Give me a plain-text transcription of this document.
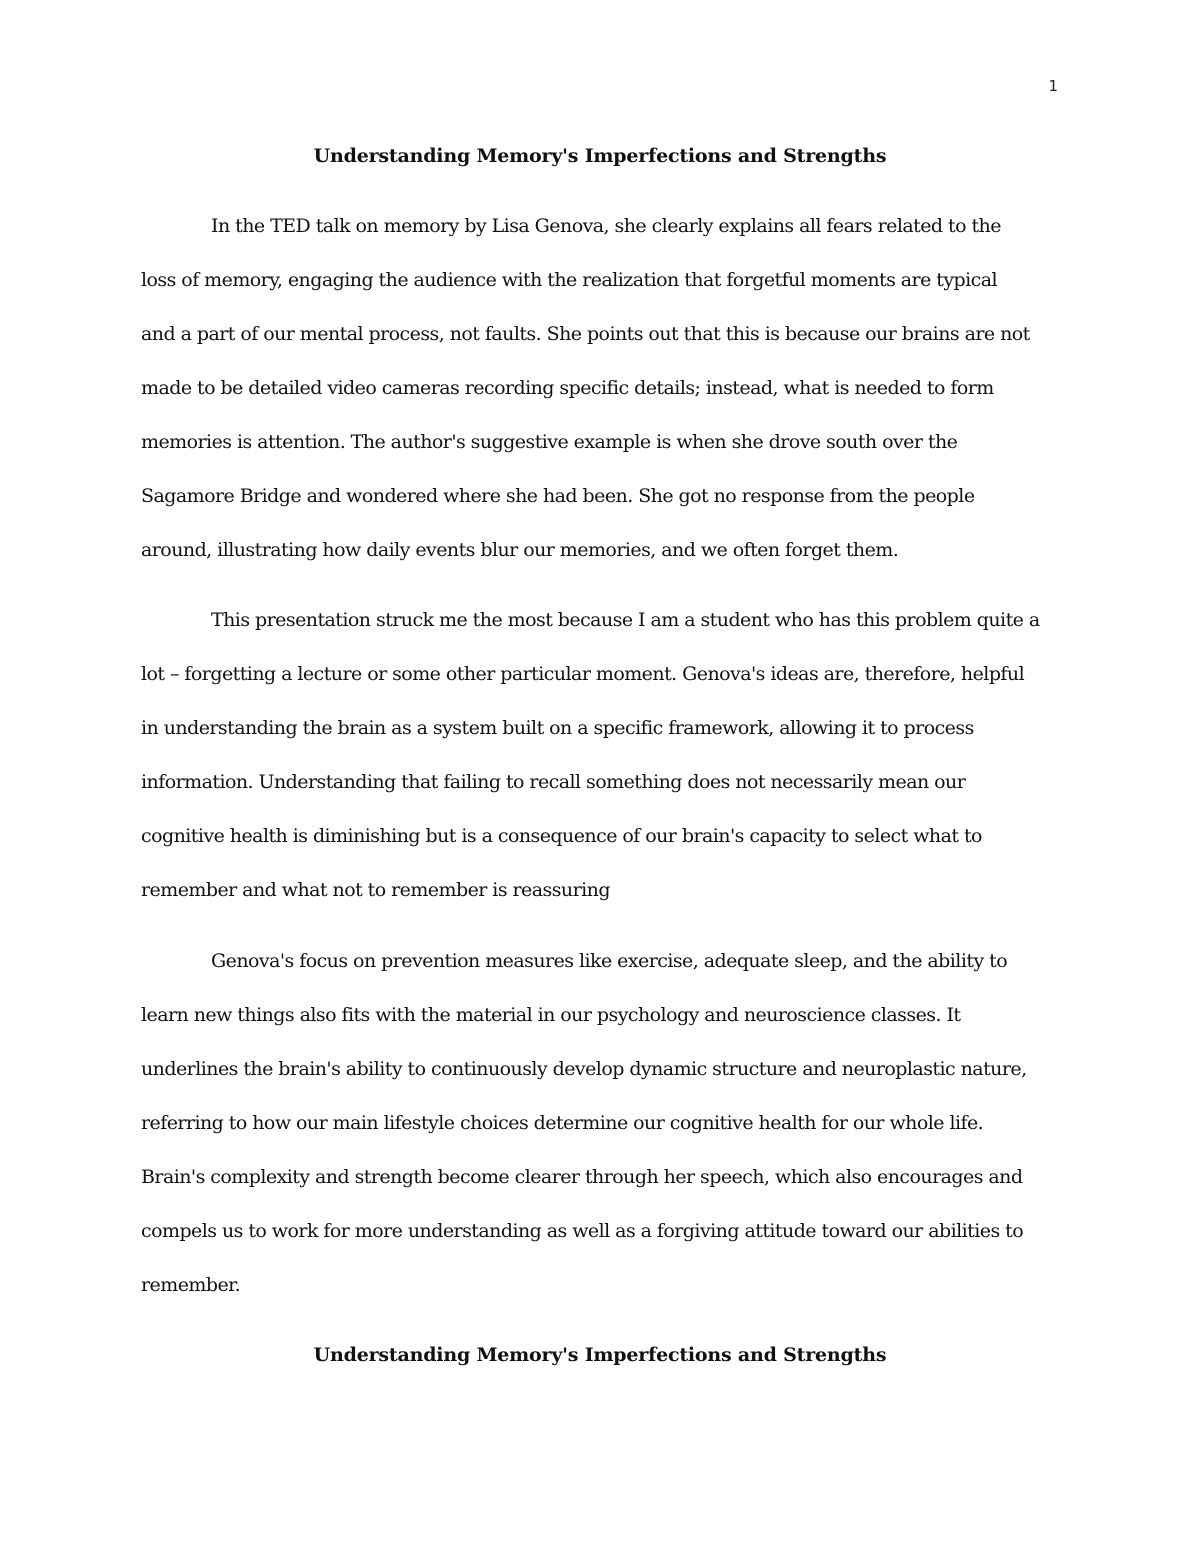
1
Understanding Memory's Imperfections and Strengths
In the TED talk on memory by Lisa Genova, she clearly explains all fears related to the
loss of memory, engaging the audience with the realization that forgetful moments are typical
and a part of our mental process, not faults. She points out that this is because our brains are not
made to be detailed video cameras recording specific details; instead, what is needed to form
memories is attention. The author's suggestive example is when she drove south over the
Sagamore Bridge and wondered where she had been. She got no response from the people
around, illustrating how daily events blur our memories, and we often forget them.
This presentation struck me the most because I am a student who has this problem quite a
lot – forgetting a lecture or some other particular moment. Genova's ideas are, therefore, helpful
in understanding the brain as a system built on a specific framework, allowing it to process
information. Understanding that failing to recall something does not necessarily mean our
cognitive health is diminishing but is a consequence of our brain's capacity to select what to
remember and what not to remember is reassuring
Genova's focus on prevention measures like exercise, adequate sleep, and the ability to
learn new things also fits with the material in our psychology and neuroscience classes. It
underlines the brain's ability to continuously develop dynamic structure and neuroplastic nature,
referring to how our main lifestyle choices determine our cognitive health for our whole life.
Brain's complexity and strength become clearer through her speech, which also encourages and
compels us to work for more understanding as well as a forgiving attitude toward our abilities to
remember.
Understanding Memory's Imperfections and Strengths
